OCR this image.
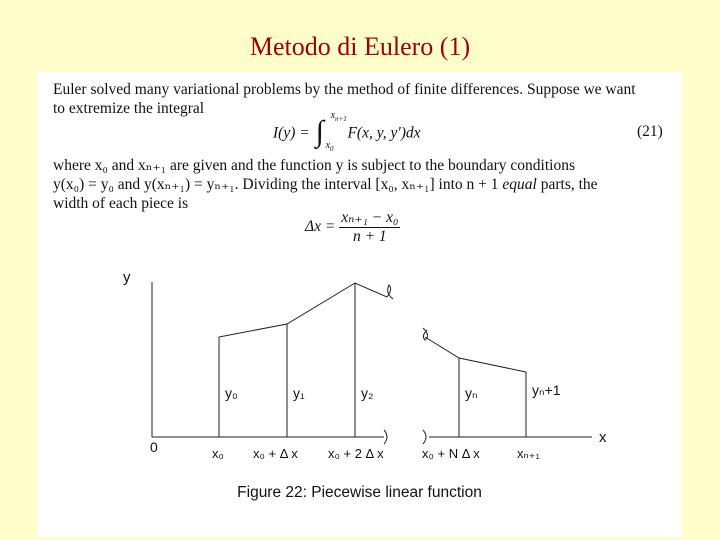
Metodo di Eulero (1)
Euler solved many variational problems by the method of finite differences. Suppose we want
to extremize the integral
I(y) = ∫ $x_{n+1}$
$x_0$
F(x, y, y′)dx	(21)
where x₀ and xₙ₊₁ are given and the function y is subject to the boundary conditions
y(x₀) = y₀ and y(xₙ₊₁) = yₙ₊₁. Dividing the interval [x₀, xₙ₊₁] into n + 1 equal parts, the
width of each piece is
$\Delta x = \frac{\text{xₙ₊₁ − x₀}}{n + 1}$
y
x
0
y₀	y₁	y₂	yₙ	yₙ+1
x₀ x₀ + Δ x x₀ + 2 Δ x	x₀ + N Δ x	xₙ₊₁
Figure 22: Piecewise linear function
